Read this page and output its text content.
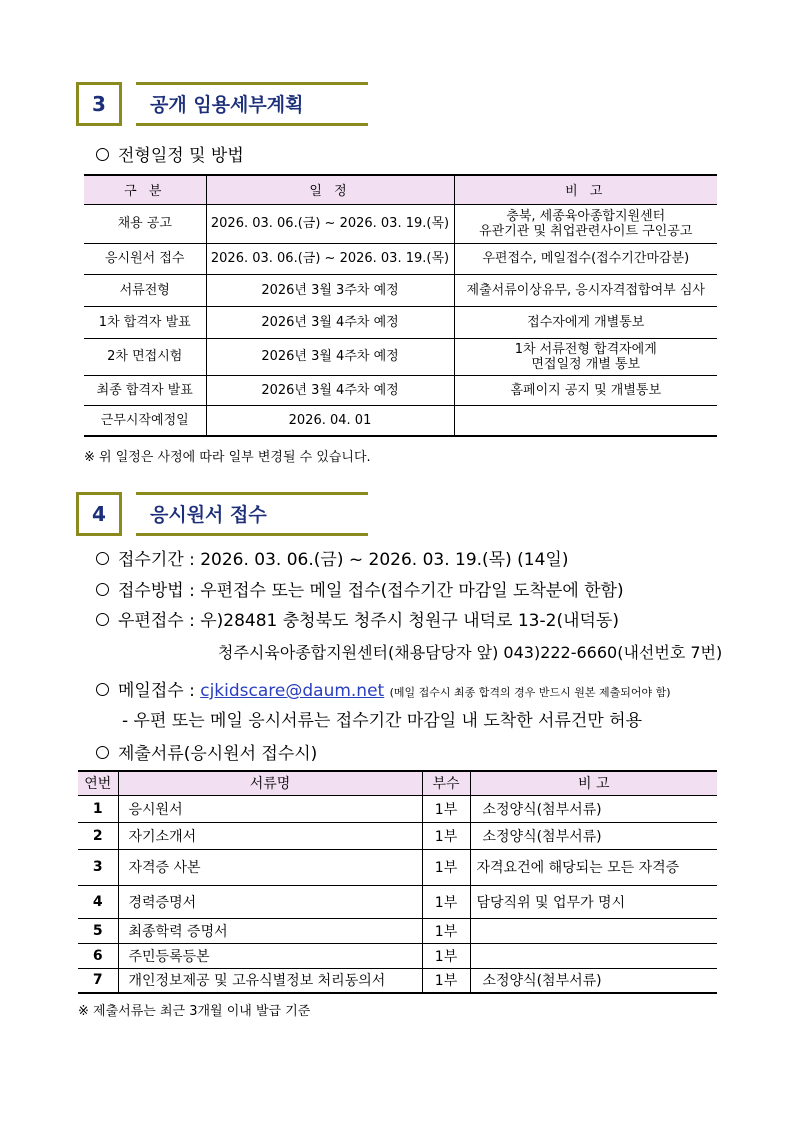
3	공개 임용세부계획
전형일정 및 방법
구 분	일 정	비 고
채용 공고	2026. 03. 06.(금) ~ 2026. 03. 19.(목)	충북, 세종육아종합지원센터
유관기관 및 취업관련사이트 구인공고

응시원서 접수	2026. 03. 06.(금) ~ 2026. 03. 19.(목)	우편접수, 메일접수(접수기간마감분)
서류전형	2026년 3월 3주차 예정	제출서류이상유무, 응시자격접합여부 심사
1차 합격자 발표	2026년 3월 4주차 예정	접수자에게 개별통보
2차 면접시험	2026년 3월 4주차 예정	1차 서류전형 합격자에게
면접일정 개별 통보

최종 합격자 발표	2026년 3월 4주차 예정	홈페이지 공지 및 개별통보
근무시작예정일	2026. 04. 01	
※ 위 일정은 사정에 따라 일부 변경될 수 있습니다.
4	응시원서 접수
접수기간 : 2026. 03. 06.(금) ~ 2026. 03. 19.(목) (14일)
접수방법 : 우편접수 또는 메일 접수(접수기간 마감일 도착분에 한함)
우편접수 : 우)28481 충청북도 청주시 청원구 내덕로 13-2(내덕동)
청주시육아종합지원센터(채용담당자 앞) 043)222-6660(내선번호 7번)
메일접수 : cjkidscare@daum.net (메일 접수시 최종 합격의 경우 반드시 원본 제출되어야 함)
- 우편 또는 메일 응시서류는 접수기간 마감일 내 도착한 서류건만 허용
제출서류(응시원서 접수시)
연번	서류명	부수	비 고
1	응시원서	1부	소정양식(첨부서류)
2	자기소개서	1부	소정양식(첨부서류)
3	자격증 사본	1부	자격요건에 해당되는 모든 자격증
4	경력증명서	1부	담당직위 및 업무가 명시
5	최종학력 증명서	1부	
6	주민등록등본	1부	
7	개인정보제공 및 고유식별정보 처리동의서	1부	소정양식(첨부서류)
※ 제출서류는 최근 3개월 이내 발급 기준
